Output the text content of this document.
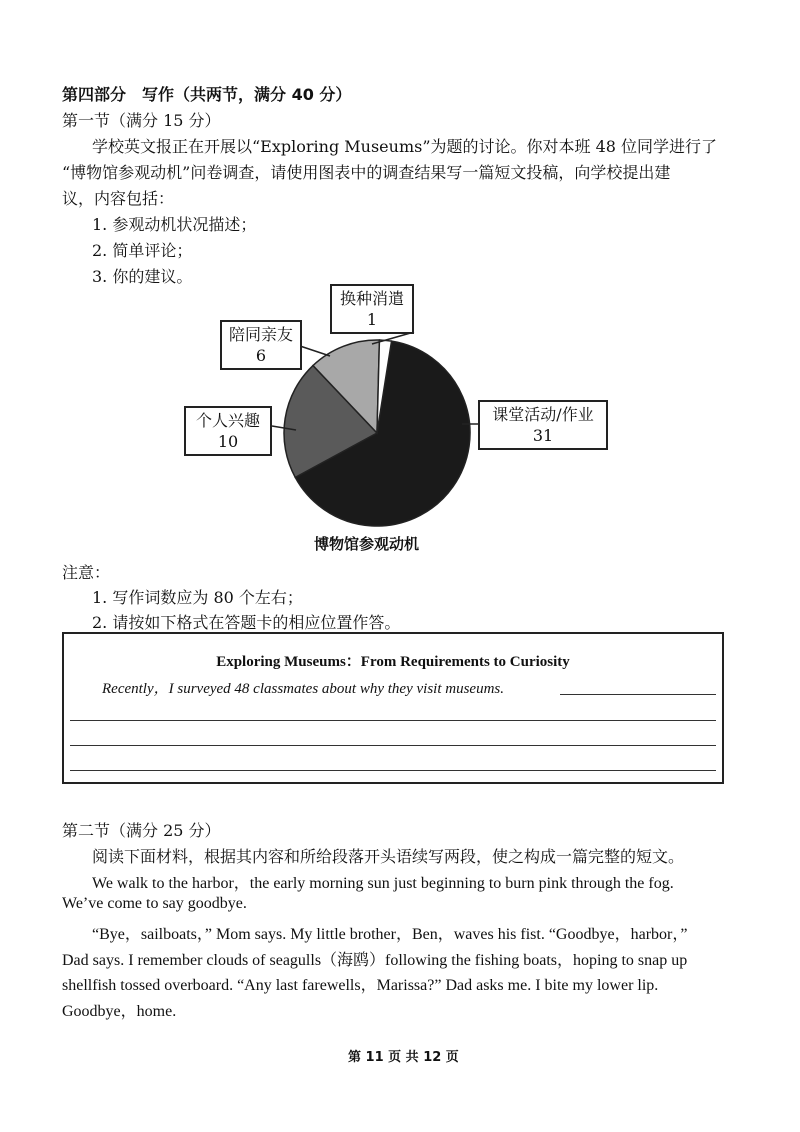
第四部分　写作（共两节，满分 40 分）
第一节（满分 15 分）
学校英文报正在开展以“Exploring Museums”为题的讨论。你对本班 48 位同学进行了
“博物馆参观动机”问卷调查，请使用图表中的调查结果写一篇短文投稿，向学校提出建
议，内容包括：
1. 参观动机状况描述；
2. 简单评论；
3. 你的建议。
换种消遣
1
陪同亲友
6
个人兴趣
10
课堂活动/作业
31
博物馆参观动机
注意：
1. 写作词数应为 80 个左右；
2. 请按如下格式在答题卡的相应位置作答。
Exploring Museums：From Requirements to Curiosity
Recently，I surveyed 48 classmates about why they visit museums.
第二节（满分 25 分）
阅读下面材料，根据其内容和所给段落开头语续写两段，使之构成一篇完整的短文。
We walk to the harbor，the early morning sun just beginning to burn pink through the fog.
We’ve come to say goodbye.
“Bye，sailboats，” Mom says. My little brother，Ben，waves his fist. “Goodbye，harbor，”
Dad says. I remember clouds of seagulls（海鸥）following the fishing boats，hoping to snap up
shellfish tossed overboard. “Any last farewells，Marissa?” Dad asks me. I bite my lower lip.
Goodbye，home.
第 11 页 共 12 页
